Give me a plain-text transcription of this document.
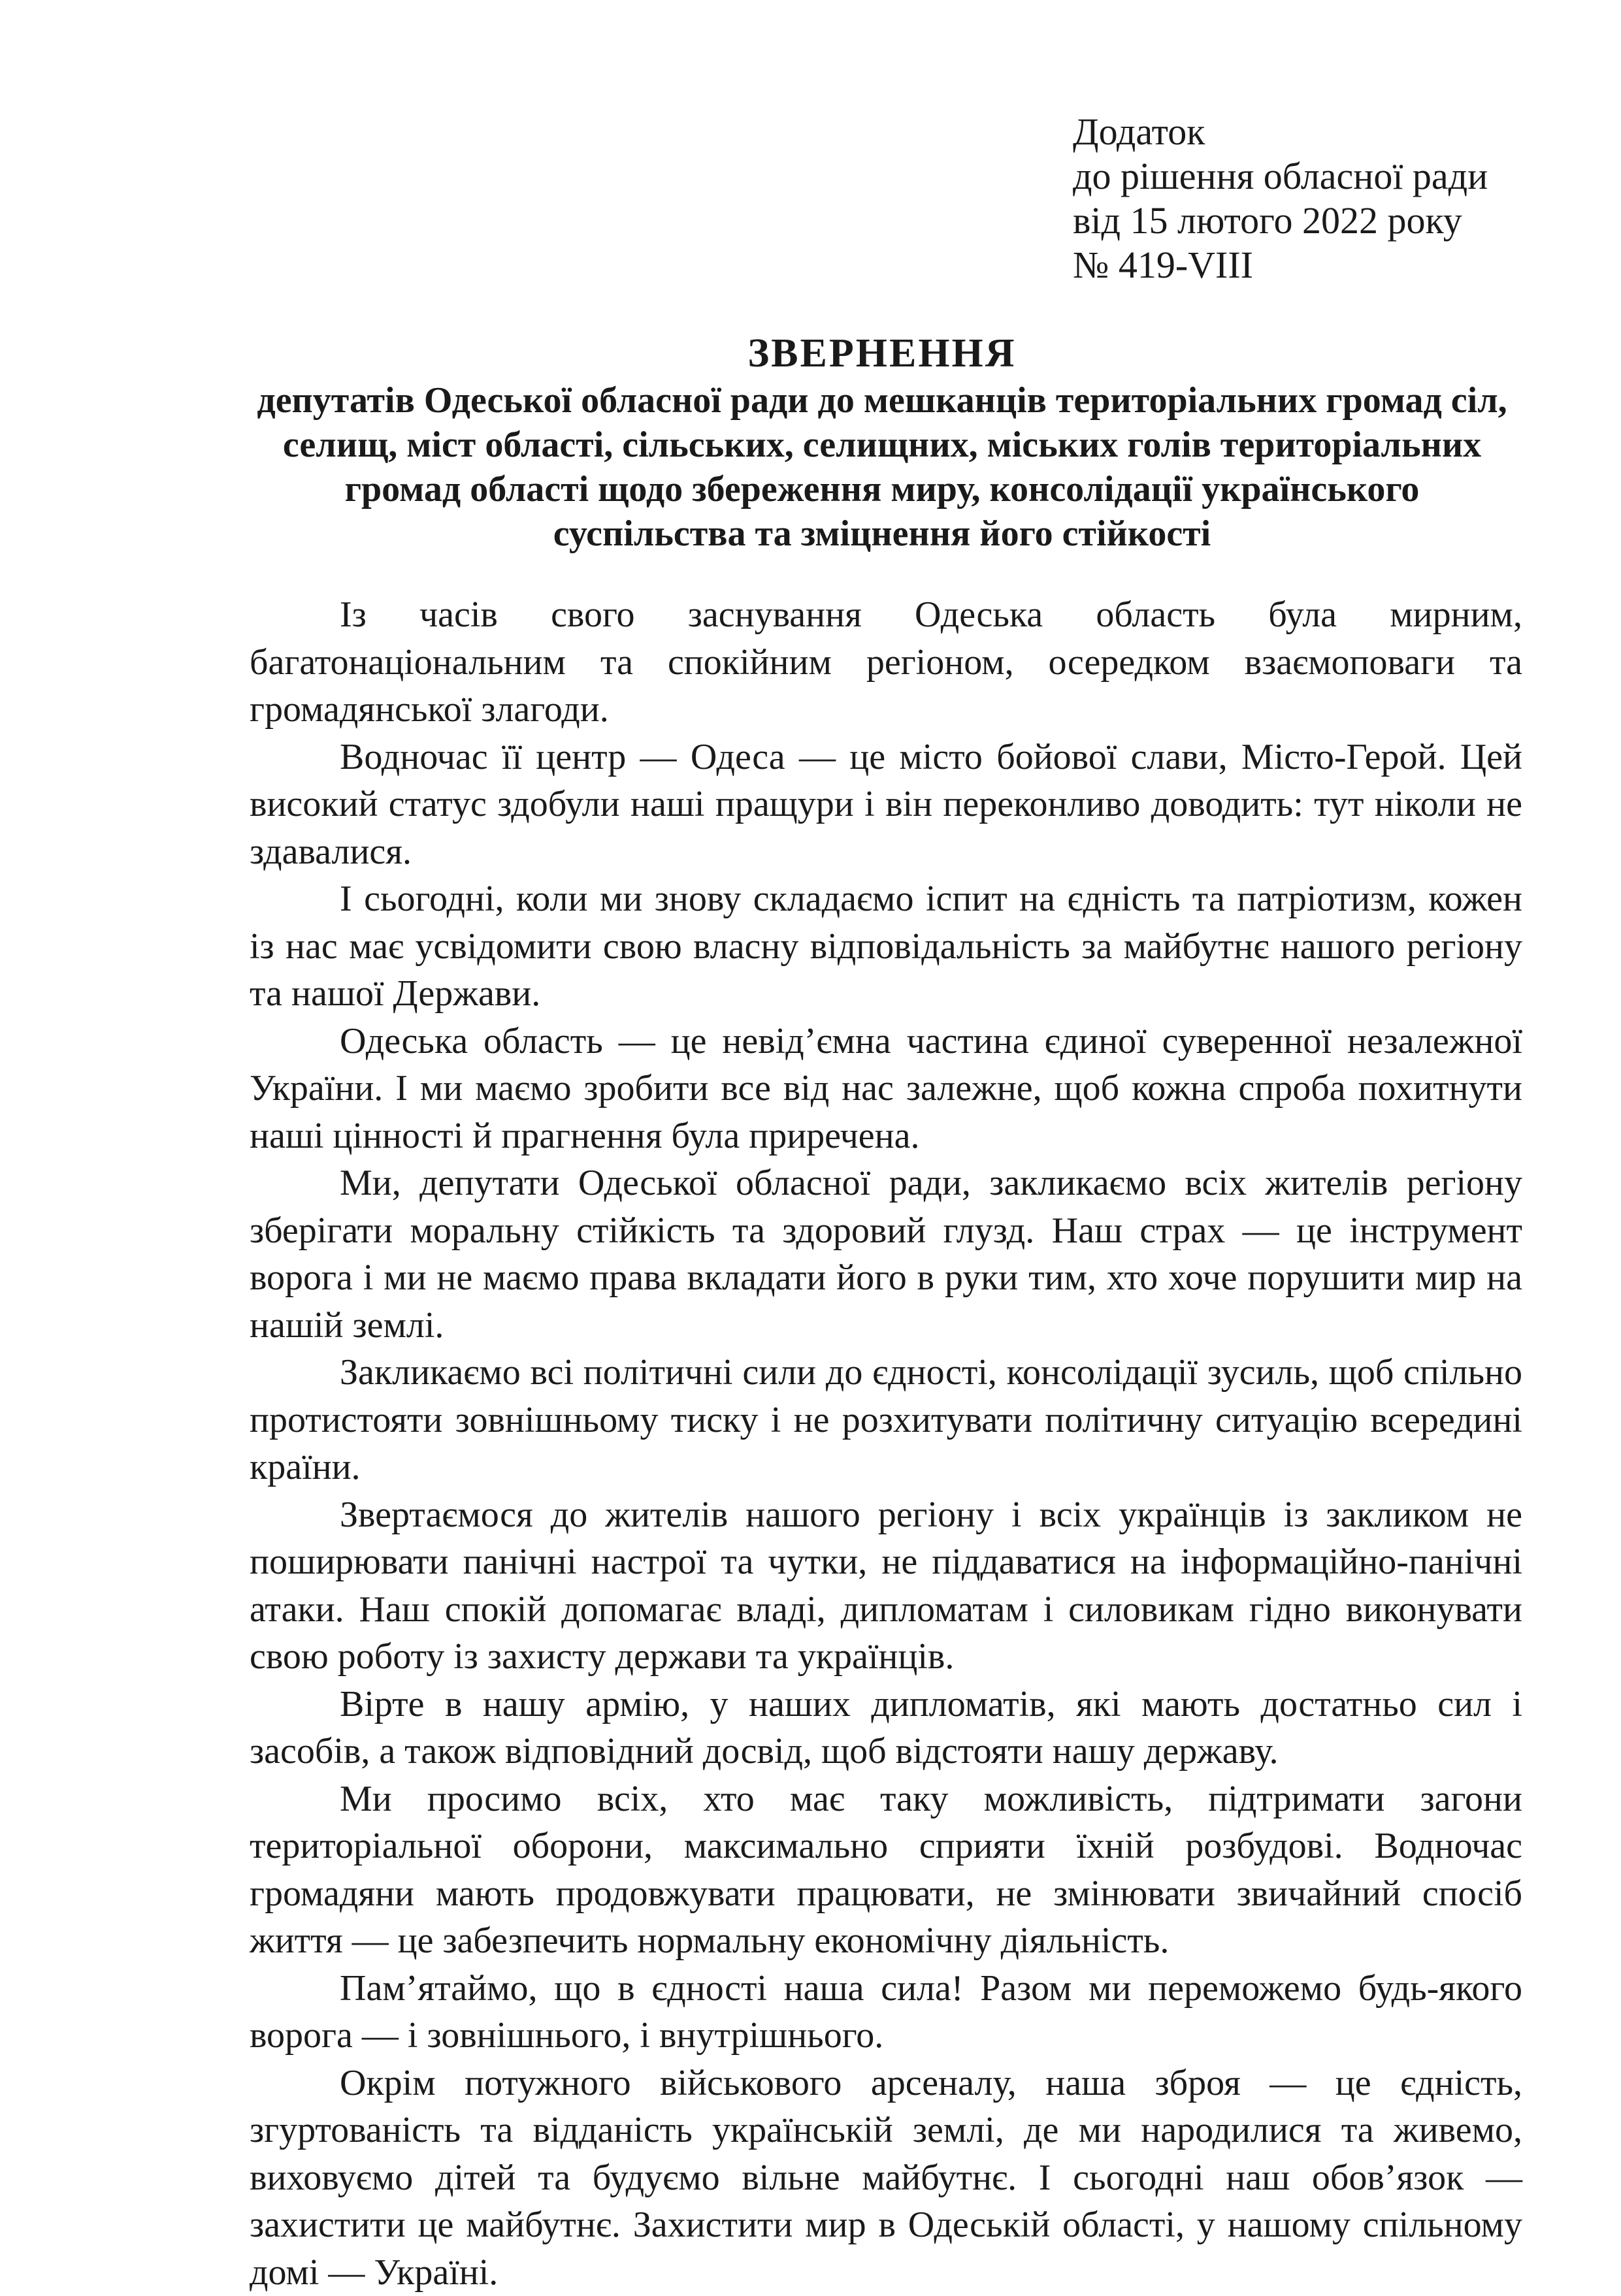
Додаток
до рішення обласної ради
від 15 лютого 2022 року
№ 419-VIII
ЗВЕРНЕННЯ
депутатів Одеської обласної ради до мешканців територіальних громад сіл, селищ, міст області, сільських, селищних, міських голів територіальних громад області щодо збереження миру, консолідації українського суспільства та зміцнення його стійкості

Із часів свого заснування Одеська область була мирним, багатонаціональним та спокійним регіоном, осередком взаємоповаги та громадянської злагоди.

Водночас її центр — Одеса — це місто бойової слави, Місто-Герой. Цей високий статус здобули наші пращури і він переконливо доводить: тут ніколи не здавалися.

І сьогодні, коли ми знову складаємо іспит на єдність та патріотизм, кожен із нас має усвідомити свою власну відповідальність за майбутнє нашого регіону та нашої Держави.

Одеська область — це невід’ємна частина єдиної суверенної незалежної України. І ми маємо зробити все від нас залежне, щоб кожна спроба похитнути наші цінності й прагнення була приречена.

Ми, депутати Одеської обласної ради, закликаємо всіх жителів регіону зберігати моральну стійкість та здоровий глузд. Наш страх — це інструмент ворога і ми не маємо права вкладати його в руки тим, хто хоче порушити мир на нашій землі.

Закликаємо всі політичні сили до єдності, консолідації зусиль, щоб спільно протистояти зовнішньому тиску і не розхитувати політичну ситуацію всередині країни.

Звертаємося до жителів нашого регіону і всіх українців із закликом не поширювати панічні настрої та чутки, не піддаватися на інформаційно-панічні атаки. Наш спокій допомагає владі, дипломатам і силовикам гідно виконувати свою роботу із захисту держави та українців.

Вірте в нашу армію, у наших дипломатів, які мають достатньо сил і засобів, а також відповідний досвід, щоб відстояти нашу державу.

Ми просимо всіх, хто має таку можливість, підтримати загони територіальної оборони, максимально сприяти їхній розбудові. Водночас громадяни мають продовжувати працювати, не змінювати звичайний спосіб життя — це забезпечить нормальну економічну діяльність.

Пам’ятаймо, що в єдності наша сила! Разом ми переможемо будь-якого ворога — і зовнішнього, і внутрішнього.

Окрім потужного військового арсеналу, наша зброя — це єдність, згуртованість та відданість українській землі, де ми народилися та живемо, виховуємо дітей та будуємо вільне майбутнє. І сьогодні наш обов’язок — захистити це майбутнє. Захистити мир в Одеській області, у нашому спільному домі — Україні.
